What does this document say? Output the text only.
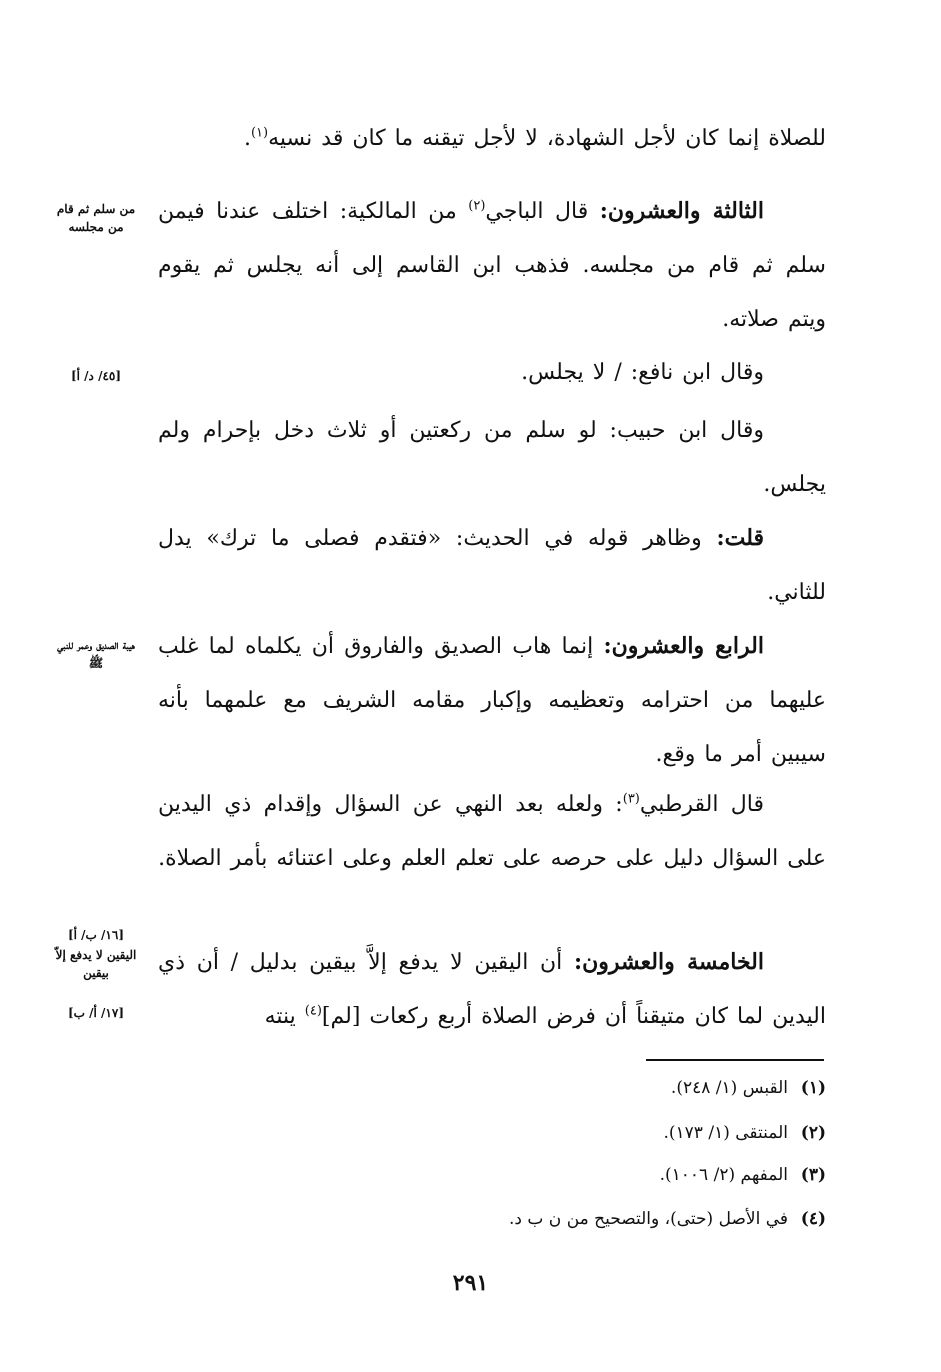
للصلاة إنما كان لأجل الشهادة، لا لأجل تيقنه ما كان قد نسيه$^{(١)}$.

الثالثة والعشرون: قال الباجي$^{(٢)}$ من المالكية: اختلف عندنا فيمن سلم ثم قام من مجلسه. فذهب ابن القاسم إلى أنه يجلس ثم يقوم ويتم صلاته.

وقال ابن نافع: / لا يجلس.

وقال ابن حبيب: لو سلم من ركعتين أو ثلاث دخل بإحرام ولم يجلس.

قلت: وظاهر قوله في الحديث: «فتقدم فصلى ما ترك» يدل للثاني.

الرابع والعشرون: إنما هاب الصديق والفاروق أن يكلماه لما غلب عليهما من احترامه وتعظيمه وإكبار مقامه الشريف مع علمهما بأنه سيبين أمر ما وقع.

قال القرطبي$^{(٣)}$: ولعله بعد النهي عن السؤال وإقدام ذي اليدين على السؤال دليل على حرصه على تعلم العلم وعلى اعتنائه بأمر الصلاة.

الخامسة والعشرون: أن اليقين لا يدفع إلاَّ بيقين بدليل / أن ذي اليدين لما كان متيقناً أن فرض الصلاة أربع ركعات [لم]$^{(٤)}$ ينته

من سلم ثم قام من مجلسه
[٤٥/ د/ أ]
هيبة الصديق وعمر للنبي ﷺ
[١٦/ ب/ أ]
اليقين لا يدفع إلاّ بيقين
[١٧/ أ/ ب]
(١)القبس (١/ ٢٤٨).
(٢)المنتقى (١/ ١٧٣).
(٣)المفهم (٢/ ١٠٠٦).
(٤)في الأصل (حتى)، والتصحيح من ن ب د.
٢٩١
